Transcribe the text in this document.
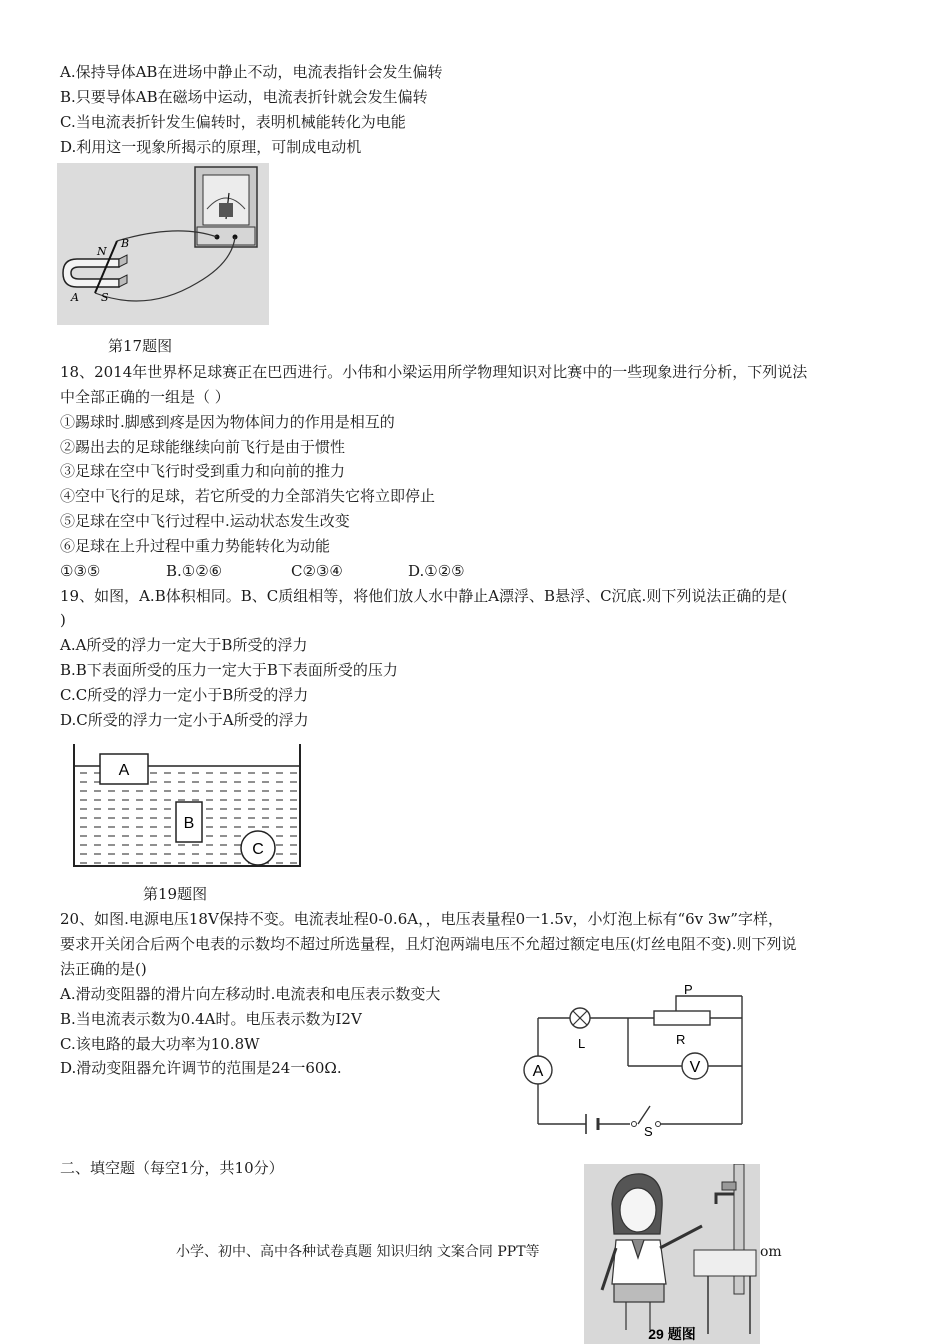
A.保持导体AB在进场中静止不动，电流表指针会发生偏转
B.只要导体AB在磁场中运动，电流表折针就会发生偏转
C.当电流表折针发生偏转时，表明机械能转化为电能
D.利用这一现象所揭示的原理，可制成电动机
N
B
A S
第17题图
18、2014年世界杯足球赛正在巴西进行。小伟和小梁运用所学物理知识对比赛中的一些现象进行分析，下列说法
中全部正确的一组是（ ）
①踢球时.脚感到疼是因为物体间力的作用是相互的
②踢出去的足球能继续向前飞行是由于惯性
③足球在空中飞行时受到重力和向前的推力
④空中飞行的足球，若它所受的力全部消失它将立即停止
⑤足球在空中飞行过程中.运动状态发生改变
⑥足球在上升过程中重力势能转化为动能
①③⑤	B.①②⑥	C②③④	D.①②⑤
19、如图，A.B体积相同。B、C质组相等，将他们放人水中静止A漂浮、B悬浮、C沉底.则下列说法正确的是(
)
A.A所受的浮力一定大于B所受的浮力
B.B下表面所受的压力一定大于B下表面所受的压力
C.C所受的浮力一定小于B所受的浮力
D.C所受的浮力一定小于A所受的浮力
A
B
C
第19题图
20、如图.电源电压18V保持不变。电流表址程0-0.6A，，电压表量程0一1.5v，小灯泡上标有“6v 3w”字样，
要求开关闭合后两个电表的示数均不超过所选量程，且灯泡两端电压不允超过额定电压(灯丝电阻不变).则下列说
法正确的是()
A.滑动变阻器的滑片向左移动时.电流表和电压表示数变大
B.当电流表示数为0.4A时。电压表示数为I2V
C.该电路的最大功率为10.8W
D.滑动变阻器允许调节的范围是24一60Ω.	V
A
P
R
L
S
二、填空题（每空1分，共10分）
29 题图
小学、初中、高中各种试卷真题 知识归纳 文案合同 PPT等	om
